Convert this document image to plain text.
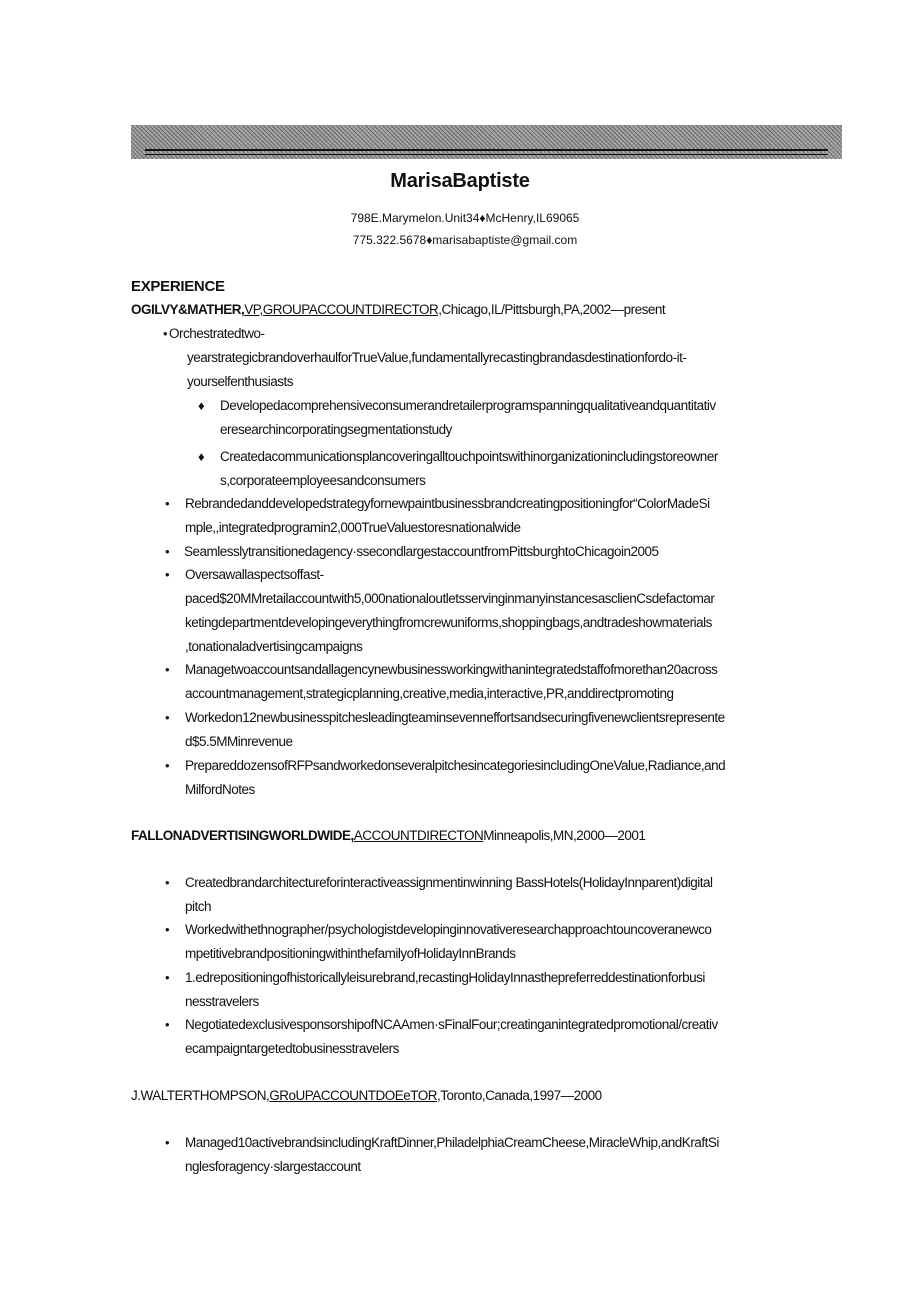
MarisaBaptiste
798E.Marymelon.Unit34♦McHenry,IL69065
775.322.5678♦marisabaptiste@gmail.com
EXPERIENCE
OGILVY&MATHER,VP,GROUPACCOUNTDIRECTOR,Chicago,IL/Pittsburgh,PA,2002—present
• Orchestratedtwo-
yearstrategicbrandoverhaulforTrueValue,fundamentallyrecastingbrandasdestinationfordo-it-
yourselfenthusiasts
♦ Developedacomprehensiveconsumerandretailerprogramspanningqualitativeandquantitativ
eresearchincorporatingsegmentationstudy
♦ Createdacommunicationsplancoveringalltouchpointswithinorganizationincludingstoreowner
s,corporateemployeesandconsumers
• Rebrandedanddevelopedstrategyfornewpaintbusinessbrandcreatingpositioningfor“ColorMadeSi
mple,,integratedprogramin2,000TrueValuestoresnationalwide
• Seamlesslytransitionedagency·ssecondlargestaccountfromPittsburghtoChicagoin2005
• Oversawallaspectsoffast-
paced$20MMretailaccountwith5,000nationaloutletsservinginmanyinstancesasclienCsdefactomar
ketingdepartmentdevelopingeverythingfromcrewuniforms,shoppingbags,andtradeshowmaterials
,tonationaladvertisingcampaigns
• Managetwoaccountsandallagencynewbusinessworkingwithanintegratedstaffofmorethan20across
accountmanagement,strategicplanning,creative,media,interactive,PR,anddirectpromoting
• Workedon12newbusinesspitchesleadingteaminsevenneffortsandsecuringfivenewclientsrepresente
d$5.5MMinrevenue
• PrepareddozensofRFPsandworkedonseveralpitchesincategoriesincludingOneValue,Radiance,and
MilfordNotes
FALLONADVERTISINGWORLDWIDE,ACCOUNTDIRECTONMinneapolis,MN,2000—2001
• Createdbrandarchitectureforinteractiveassignmentinwinning BassHotels(HolidayInnparent)digital
pitch
• Workedwithethnographer/psychologistdevelopinginnovativeresearchapproachtouncoveranewco
mpetitivebrandpositioningwithinthefamilyofHolidayInnBrands
• 1.edrepositioningofhistoricallyleisurebrand,recastingHolidayInnasthepreferreddestinationforbusi
nesstravelers
• NegotiatedexclusivesponsorshipofNCAAmen·sFinalFour;creatinganintegratedpromotional/creativ
ecampaigntargetedtobusinesstravelers
J.WALTERTHOMPSON,GRoUPACCOUNTDOEeTOR,Toronto,Canada,1997—2000
• Managed10activebrandsincludingKraftDinner,PhiladelphiaCreamCheese,MiracleWhip,andKraftSi
nglesforagency·slargestaccount
